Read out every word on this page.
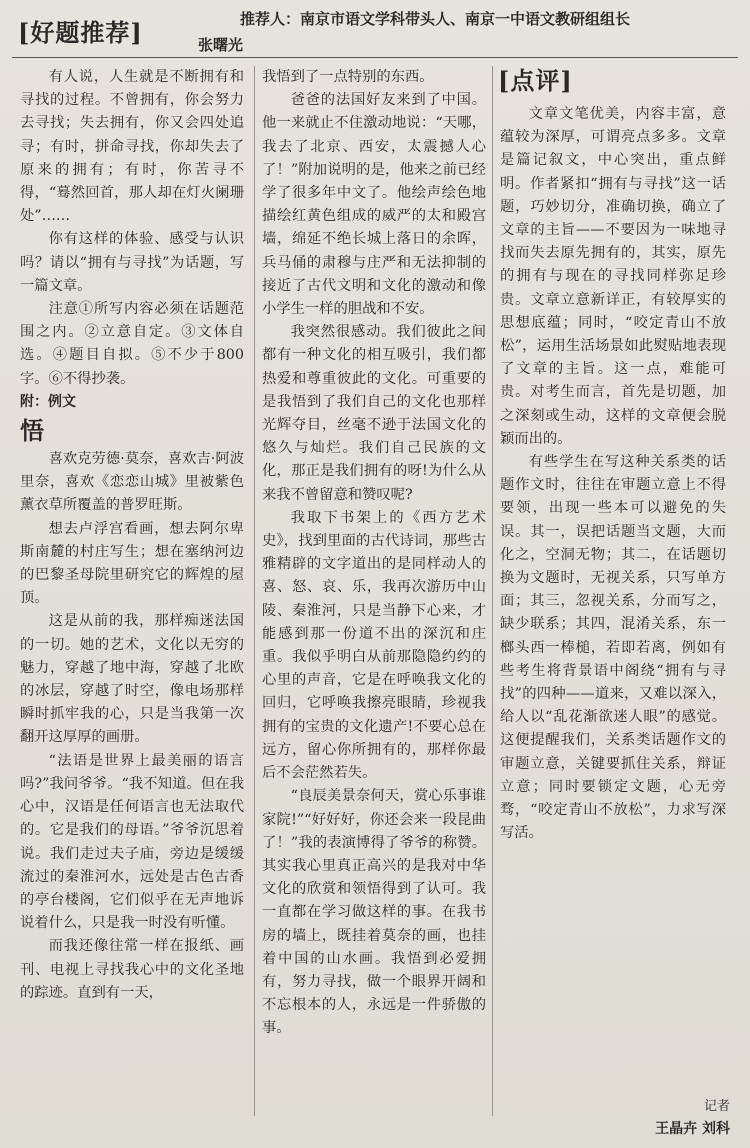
[好题推荐]	推荐人：南京市语文学科带头人、南京一中语文教研组组长
张曙光

有人说，人生就是不断拥有和寻找的过程。不曾拥有，你会努力去寻找；失去拥有，你又会四处追寻；有时，拼命寻找，你却失去了原来的拥有；有时，你苦寻不得，“蓦然回首，那人却在灯火阑珊处”……

你有这样的体验、感受与认识吗？请以“拥有与寻找”为话题，写一篇文章。

注意①所写内容必须在话题范围之内。②立意自定。③文体自选。④题目自拟。⑤不少于800字。⑥不得抄袭。

附：例文

悟

喜欢克劳德·莫奈，喜欢吉·阿波里奈，喜欢《恋恋山城》里被紫色薰衣草所覆盖的普罗旺斯。

想去卢浮宫看画，想去阿尔卑斯南麓的村庄写生；想在塞纳河边的巴黎圣母院里研究它的辉煌的屋顶。

这是从前的我，那样痴迷法国的一切。她的艺术，文化以无穷的魅力，穿越了地中海，穿越了北欧的冰层，穿越了时空，像电场那样瞬时抓牢我的心，只是当我第一次翻开这厚厚的画册。

“法语是世界上最美丽的语言吗?”我问爷爷。“我不知道。但在我心中，汉语是任何语言也无法取代的。它是我们的母语。”爷爷沉思着说。我们走过夫子庙，旁边是缓缓流过的秦淮河水，远处是古色古香的亭台楼阁，它们似乎在无声地诉说着什么，只是我一时没有听懂。

而我还像往常一样在报纸、画刊、电视上寻找我心中的文化圣地的踪迹。直到有一天，

我悟到了一点特别的东西。

爸爸的法国好友来到了中国。他一来就止不住激动地说：“天哪，我去了北京、西安，太震撼人心了！”附加说明的是，他来之前已经学了很多年中文了。他绘声绘色地描绘红黄色组成的威严的太和殿宫墙，绵延不绝长城上落日的余晖，兵马俑的肃穆与庄严和无法抑制的接近了古代文明和文化的激动和像小学生一样的胆战和不安。

我突然很感动。我们彼此之间都有一种文化的相互吸引，我们都热爱和尊重彼此的文化。可重要的是我悟到了我们自己的文化也那样光辉夺目，丝毫不逊于法国文化的悠久与灿烂。我们自己民族的文化，那正是我们拥有的呀!为什么从来我不曾留意和赞叹呢?

我取下书架上的《西方艺术史》，找到里面的古代诗词，那些古雅精辟的文字道出的是同样动人的喜、怒、哀、乐，我再次游历中山陵、秦淮河，只是当静下心来，才能感到那一份道不出的深沉和庄重。我似乎明白从前那隐隐约约的心里的声音，它是在呼唤我文化的回归，它呼唤我擦亮眼睛，珍视我拥有的宝贵的文化遗产!不要心总在远方，留心你所拥有的，那样你最后不会茫然若失。

“良辰美景奈何天，赏心乐事谁家院!”“好好好，你还会来一段昆曲了！”我的表演博得了爷爷的称赞。其实我心里真正高兴的是我对中华文化的欣赏和领悟得到了认可。我一直都在学习做这样的事。在我书房的墙上，既挂着莫奈的画，也挂着中国的山水画。我悟到必爱拥有，努力寻找，做一个眼界开阔和不忘根本的人，永远是一件骄傲的事。

[点评]

文章文笔优美，内容丰富，意蕴较为深厚，可谓亮点多多。文章是篇记叙文，中心突出，重点鲜明。作者紧扣“拥有与寻找”这一话题，巧妙切分，准确切换，确立了文章的主旨——不要因为一味地寻找而失去原先拥有的，其实，原先的拥有与现在的寻找同样弥足珍贵。文章立意新详正，有较厚实的思想底蕴；同时，“咬定青山不放松”，运用生活场景如此熨贴地表现了文章的主旨。这一点，难能可贵。对考生而言，首先是切题，加之深刻或生动，这样的文章便会脱颖而出的。

有些学生在写这种关系类的话题作文时，往往在审题立意上不得要领，出现一些本可以避免的失误。其一，误把话题当文题，大而化之，空洞无物；其二，在话题切换为文题时，无视关系，只写单方面；其三，忽视关系，分而写之，缺少联系；其四，混淆关系，东一榔头西一棒槌，若即若离，例如有些考生将背景语中阁绕“拥有与寻找”的四种——道来，又难以深入，给人以“乱花渐欲迷人眼”的感觉。这便提醒我们，关系类话题作文的审题立意，关键要抓住关系，辩证立意；同时要锁定文题，心无旁骛，“咬定青山不放松”，力求写深写活。

记者
王晶卉 刘科
